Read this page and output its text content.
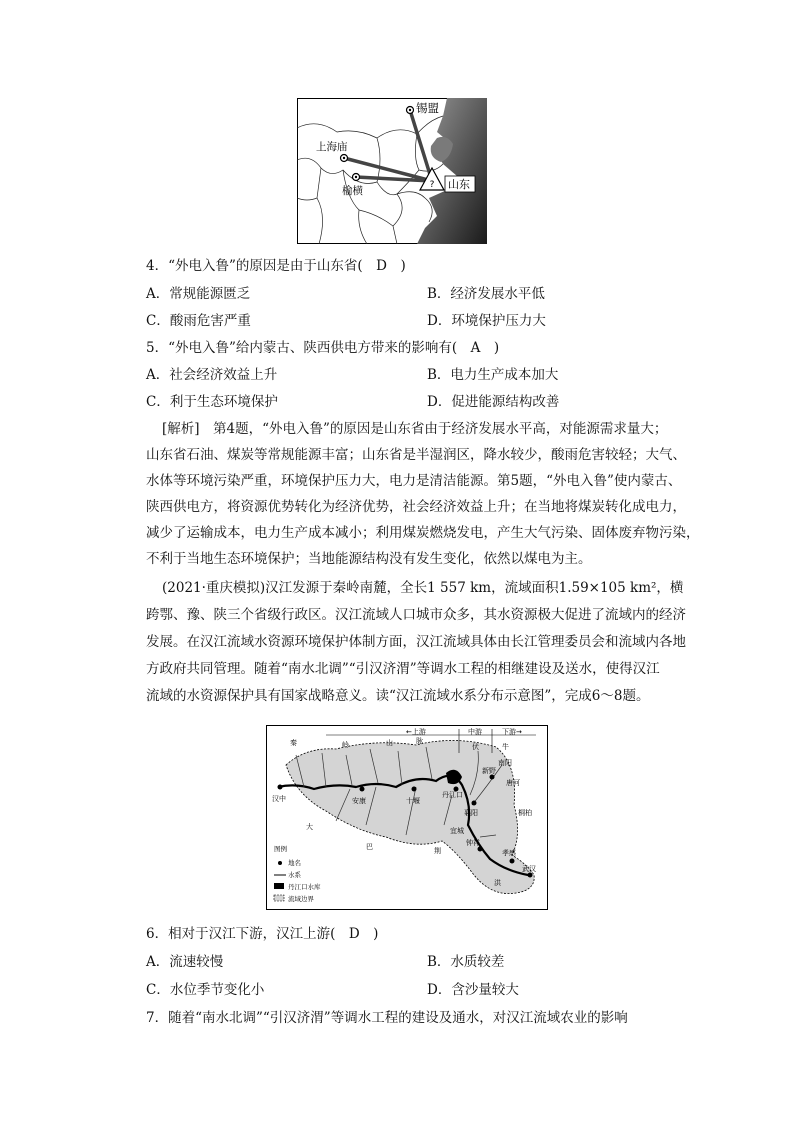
?
锡盟
上海庙
榆横	山东
4．“外电入鲁”的原因是由于山东省(　D　)
A．常规能源匮乏	B．经济发展水平低
C．酸雨危害严重	D．环境保护压力大
5．“外电入鲁”给内蒙古、陕西供电方带来的影响有(　A　)
A．社会经济效益上升	B．电力生产成本加大
C．利于生态环境保护	D．促进能源结构改善
[解析]　第4题，“外电入鲁”的原因是山东省由于经济发展水平高，对能源需求量大；
山东省石油、煤炭等常规能源丰富；山东省是半湿润区，降水较少，酸雨危害较轻；大气、
水体等环境污染严重，环境保护压力大，电力是清洁能源。第5题，“外电入鲁”使内蒙古、
陕西供电方，将资源优势转化为经济优势，社会经济效益上升；在当地将煤炭转化成电力，
减少了运输成本，电力生产成本减小；利用煤炭燃烧发电，产生大气污染、固体废弃物污染，
不利于当地生态环境保护；当地能源结构没有发生变化，依然以煤电为主。
(2021·重庆模拟)汉江发源于秦岭南麓，全长1 557 km，流域面积1.59×105 km²，横
跨鄂、豫、陕三个省级行政区。汉江流域人口城市众多，其水资源极大促进了流域内的经济
发展。在汉江流域水资源环境保护体制方面，汉江流域具体由长江管理委员会和流域内各地
方政府共同管理。随着“南水北调”“引汉济渭”等调水工程的相继建设及送水，使得汉江
流域的水资源保护具有国家战略意义。读“汉江流域水系分布示意图”，完成6～8题。
←上游	中游	下游→
秦	岭	山	脉
伏	牛
汉中	安康	十堰
丹江口
襄阳
新野
唐河
南阳
桐柏
孝感
武汉
钟祥
宜城
巴
大
荆
洪
图例
地名
水系
丹江口水库
流域边界
6．相对于汉江下游，汉江上游(　D　)
A．流速较慢	B．水质较差
C．水位季节变化小	D．含沙量较大
7．随着“南水北调”“引汉济渭”等调水工程的建设及通水，对汉江流域农业的影响
